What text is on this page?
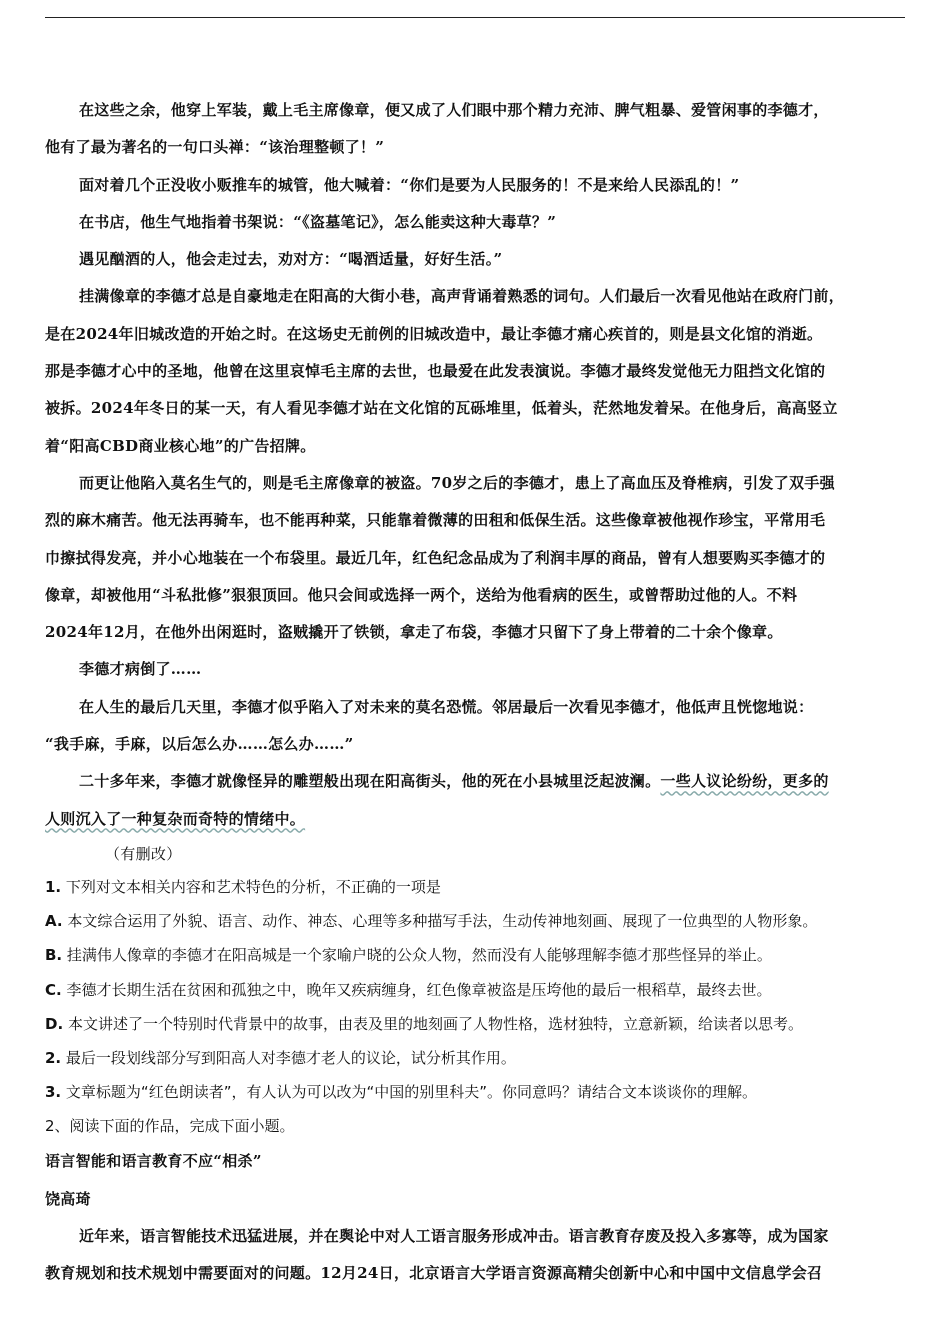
在这些之余，他穿上军装，戴上毛主席像章，便又成了人们眼中那个精力充沛、脾气粗暴、爱管闲事的李德才，
他有了最为著名的一句口头禅：“该治理整顿了！”
面对着几个正没收小贩推车的城管，他大喊着：“你们是要为人民服务的！不是来给人民添乱的！”
在书店，他生气地指着书架说：“《盗墓笔记》，怎么能卖这种大毒草？”
遇见酗酒的人，他会走过去，劝对方：“喝酒适量，好好生活。”
挂满像章的李德才总是自豪地走在阳高的大街小巷，高声背诵着熟悉的词句。人们最后一次看见他站在政府门前，
是在2024年旧城改造的开始之时。在这场史无前例的旧城改造中，最让李德才痛心疾首的，则是县文化馆的消逝。
那是李德才心中的圣地，他曾在这里哀悼毛主席的去世，也最爱在此发表演说。李德才最终发觉他无力阻挡文化馆的
被拆。2024年冬日的某一天，有人看见李德才站在文化馆的瓦砾堆里，低着头，茫然地发着呆。在他身后，高高竖立
着“阳高CBD商业核心地”的广告招牌。
而更让他陷入莫名生气的，则是毛主席像章的被盗。70岁之后的李德才，患上了高血压及脊椎病，引发了双手强
烈的麻木痛苦。他无法再骑车，也不能再种菜，只能靠着微薄的田租和低保生活。这些像章被他视作珍宝，平常用毛
巾擦拭得发亮，并小心地装在一个布袋里。最近几年，红色纪念品成为了利润丰厚的商品，曾有人想要购买李德才的
像章，却被他用“斗私批修”狠狠顶回。他只会间或选择一两个，送给为他看病的医生，或曾帮助过他的人。不料
2024年12月，在他外出闲逛时，盗贼撬开了铁锁，拿走了布袋，李德才只留下了身上带着的二十余个像章。
李德才病倒了……
在人生的最后几天里，李德才似乎陷入了对未来的莫名恐慌。邻居最后一次看见李德才，他低声且恍惚地说：
“我手麻，手麻，以后怎么办……怎么办……”
二十多年来，李德才就像怪异的雕塑般出现在阳高街头，他的死在小县城里泛起波澜。一些人议论纷纷，更多的
人则沉入了一种复杂而奇特的情绪中。
（有删改）
1. 下列对文本相关内容和艺术特色的分析，不正确的一项是
A. 本文综合运用了外貌、语言、动作、神态、心理等多种描写手法，生动传神地刻画、展现了一位典型的人物形象。
B. 挂满伟人像章的李德才在阳高城是一个家喻户晓的公众人物，然而没有人能够理解李德才那些怪异的举止。
C. 李德才长期生活在贫困和孤独之中，晚年又疾病缠身，红色像章被盗是压垮他的最后一根稻草，最终去世。
D. 本文讲述了一个特别时代背景中的故事，由表及里的地刻画了人物性格，选材独特，立意新颖，给读者以思考。
2. 最后一段划线部分写到阳高人对李德才老人的议论，试分析其作用。
3. 文章标题为“红色朗读者”，有人认为可以改为“中国的别里科夫”。你同意吗？请结合文本谈谈你的理解。
2、阅读下面的作品，完成下面小题。
语言智能和语言教育不应“相杀”
饶高琦
近年来，语言智能技术迅猛进展，并在舆论中对人工语言服务形成冲击。语言教育存废及投入多寡等，成为国家
教育规划和技术规划中需要面对的问题。12月24日，北京语言大学语言资源高精尖创新中心和中国中文信息学会召
